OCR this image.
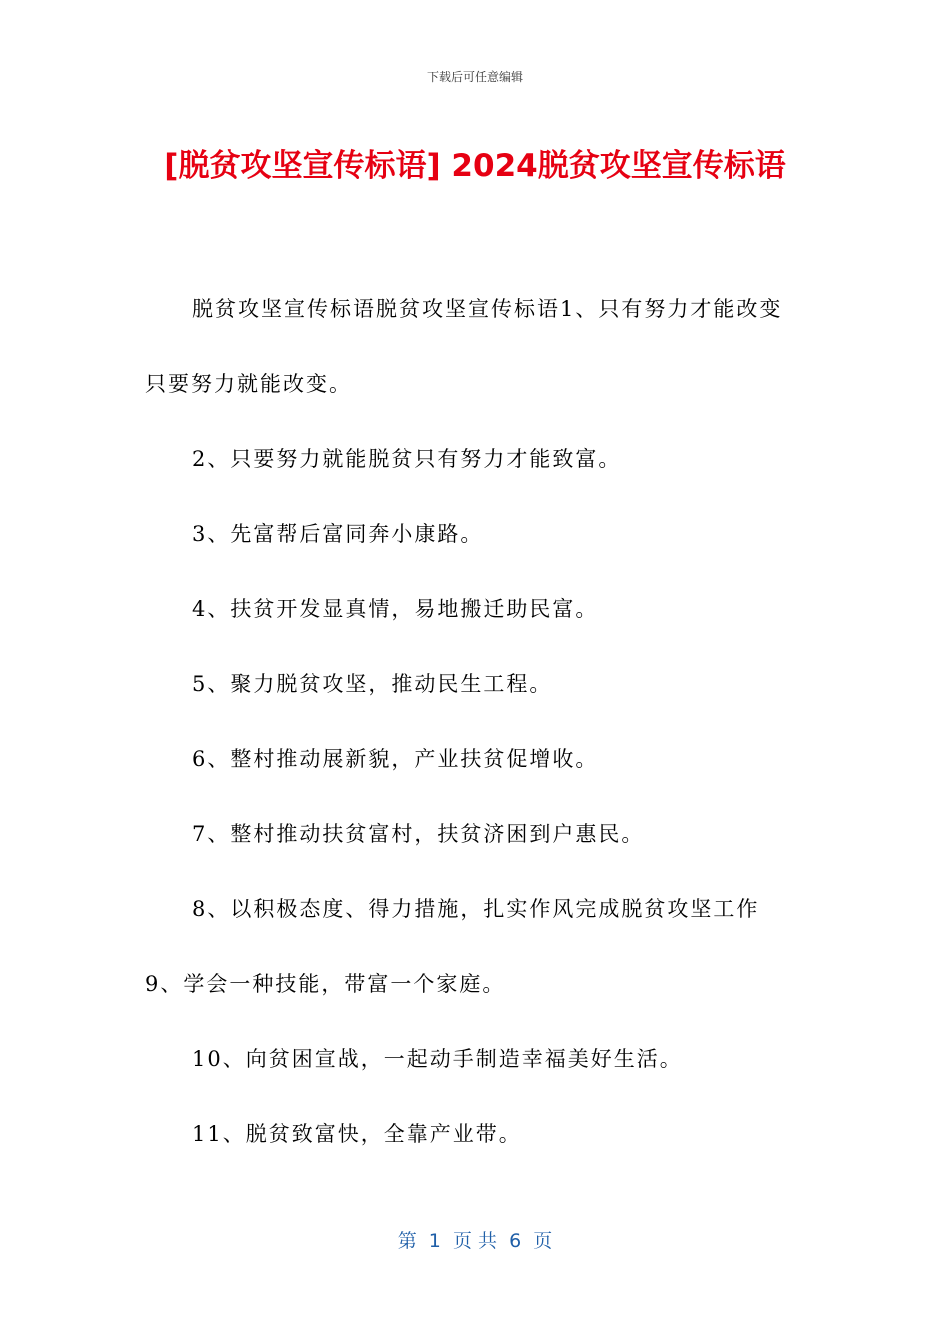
下载后可任意编辑
[脱贫攻坚宣传标语] 2024脱贫攻坚宣传标语

脱贫攻坚宣传标语脱贫攻坚宣传标语1、只有努力才能改变只要努力就能改变。

2、只要努力就能脱贫只有努力才能致富。

3、先富帮后富同奔小康路。

4、扶贫开发显真情，易地搬迁助民富。

5、聚力脱贫攻坚，推动民生工程。

6、整村推动展新貌，产业扶贫促增收。

7、整村推动扶贫富村，扶贫济困到户惠民。

8、以积极态度、得力措施，扎实作风完成脱贫攻坚工作

9、学会一种技能，带富一个家庭。

10、向贫困宣战，一起动手制造幸福美好生活。

11、脱贫致富快，全靠产业带。

第  1  页 共  6  页
